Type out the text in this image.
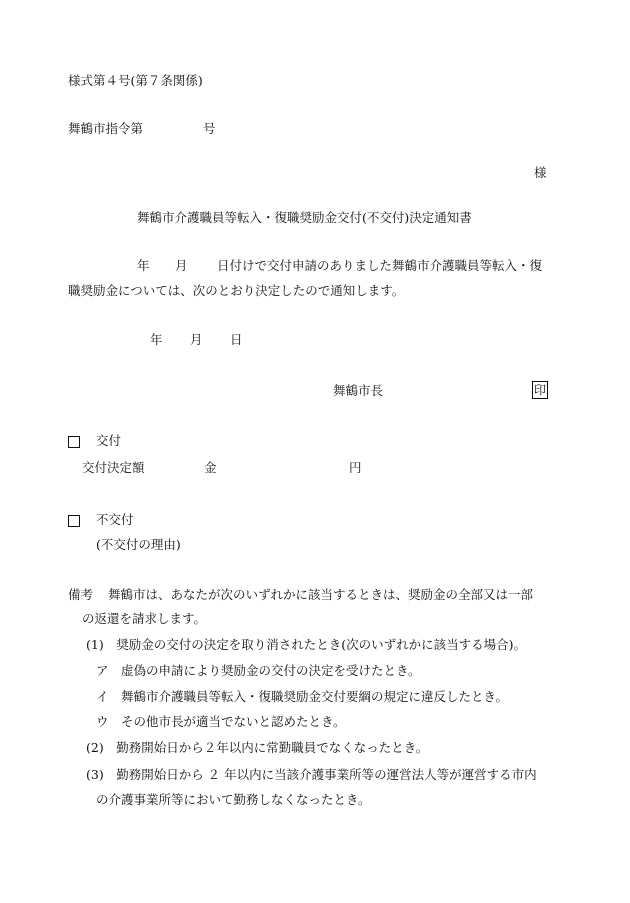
様式第４号(第７条関係)
舞鶴市指令第	号
様
舞鶴市介護職員等転入・復職奨励金交付(不交付)決定通知書
年 月 日付けで交付申請のありました舞鶴市介護職員等転入・復
職奨励金については、次のとおり決定したので通知します。
年 月 日
舞鶴市長	印
交付
交付決定額	金	円
不交付
(不交付の理由)
備考 舞鶴市は、あなたが次のいずれかに該当するときは、奨励金の全部又は一部
の返還を請求します。
(1)　奨励金の交付の決定を取り消されたとき(次のいずれかに該当する場合)。
ア　虚偽の申請により奨励金の交付の決定を受けたとき。
イ　舞鶴市介護職員等転入・復職奨励金交付要綱の規定に違反したとき。
ウ　その他市長が適当でないと認めたとき。
(2)　勤務開始日から２年以内に常勤職員でなくなったとき。
(3)　勤務開始日から ２ 年以内に当該介護事業所等の運営法人等が運営する市内
の介護事業所等において勤務しなくなったとき。
